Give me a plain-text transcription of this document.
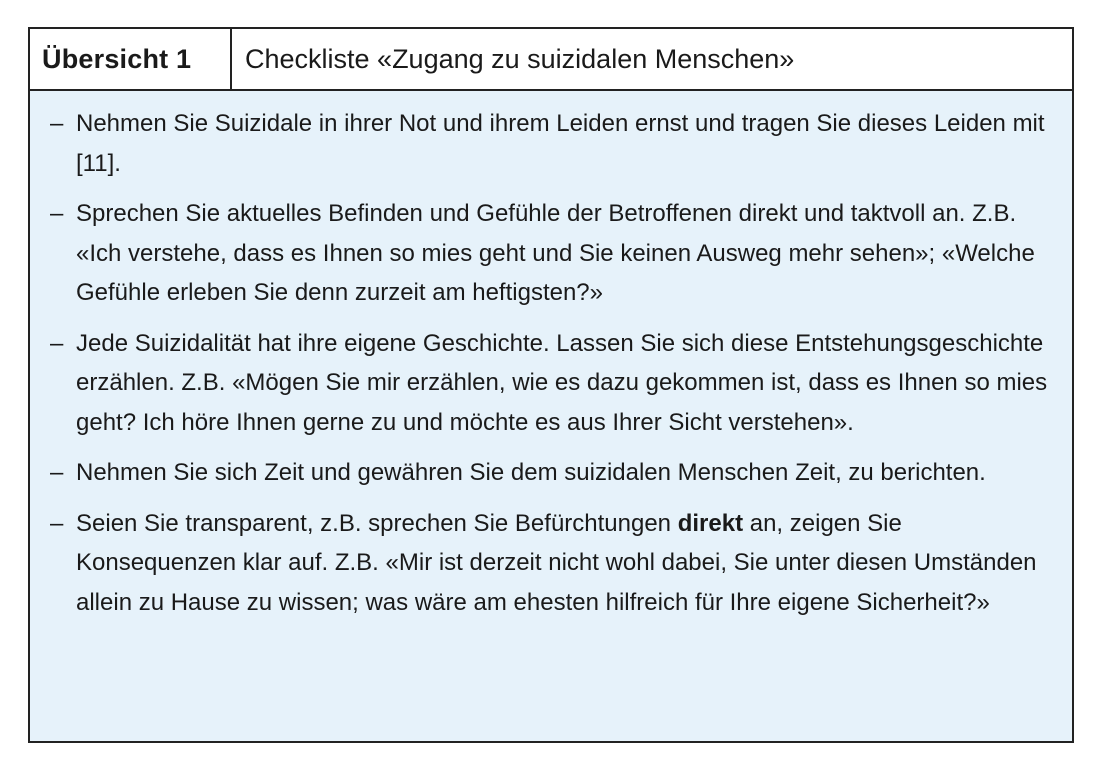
Übersicht 1	Checkliste «Zugang zu suizidalen Menschen»
– Nehmen Sie Suizidale in ihrer Not und ihrem Leiden ernst und tragen Sie dieses Leiden mit [11].
– Sprechen Sie aktuelles Befinden und Gefühle der Betroffenen direkt und taktvoll an. Z.B. «Ich verstehe, dass es Ihnen so mies geht und Sie keinen Ausweg mehr sehen»; «Welche Gefühle erleben Sie denn zurzeit am heftigsten?»
– Jede Suizidalität hat ihre eigene Geschichte. Lassen Sie sich diese Entstehungsgeschichte erzählen. Z.B. «Mögen Sie mir erzählen, wie es dazu gekommen ist, dass es Ihnen so mies geht? Ich höre Ihnen gerne zu und möchte es aus Ihrer Sicht verstehen».
– Nehmen Sie sich Zeit und gewähren Sie dem suizidalen Menschen Zeit, zu berichten.
– Seien Sie transparent, z.B. sprechen Sie Befürchtungen direkt an, zeigen Sie Konsequenzen klar auf. Z.B. «Mir ist derzeit nicht wohl dabei, Sie unter diesen Umständen allein zu Hause zu wissen; was wäre am ehesten hilfreich für Ihre eigene Sicherheit?»
